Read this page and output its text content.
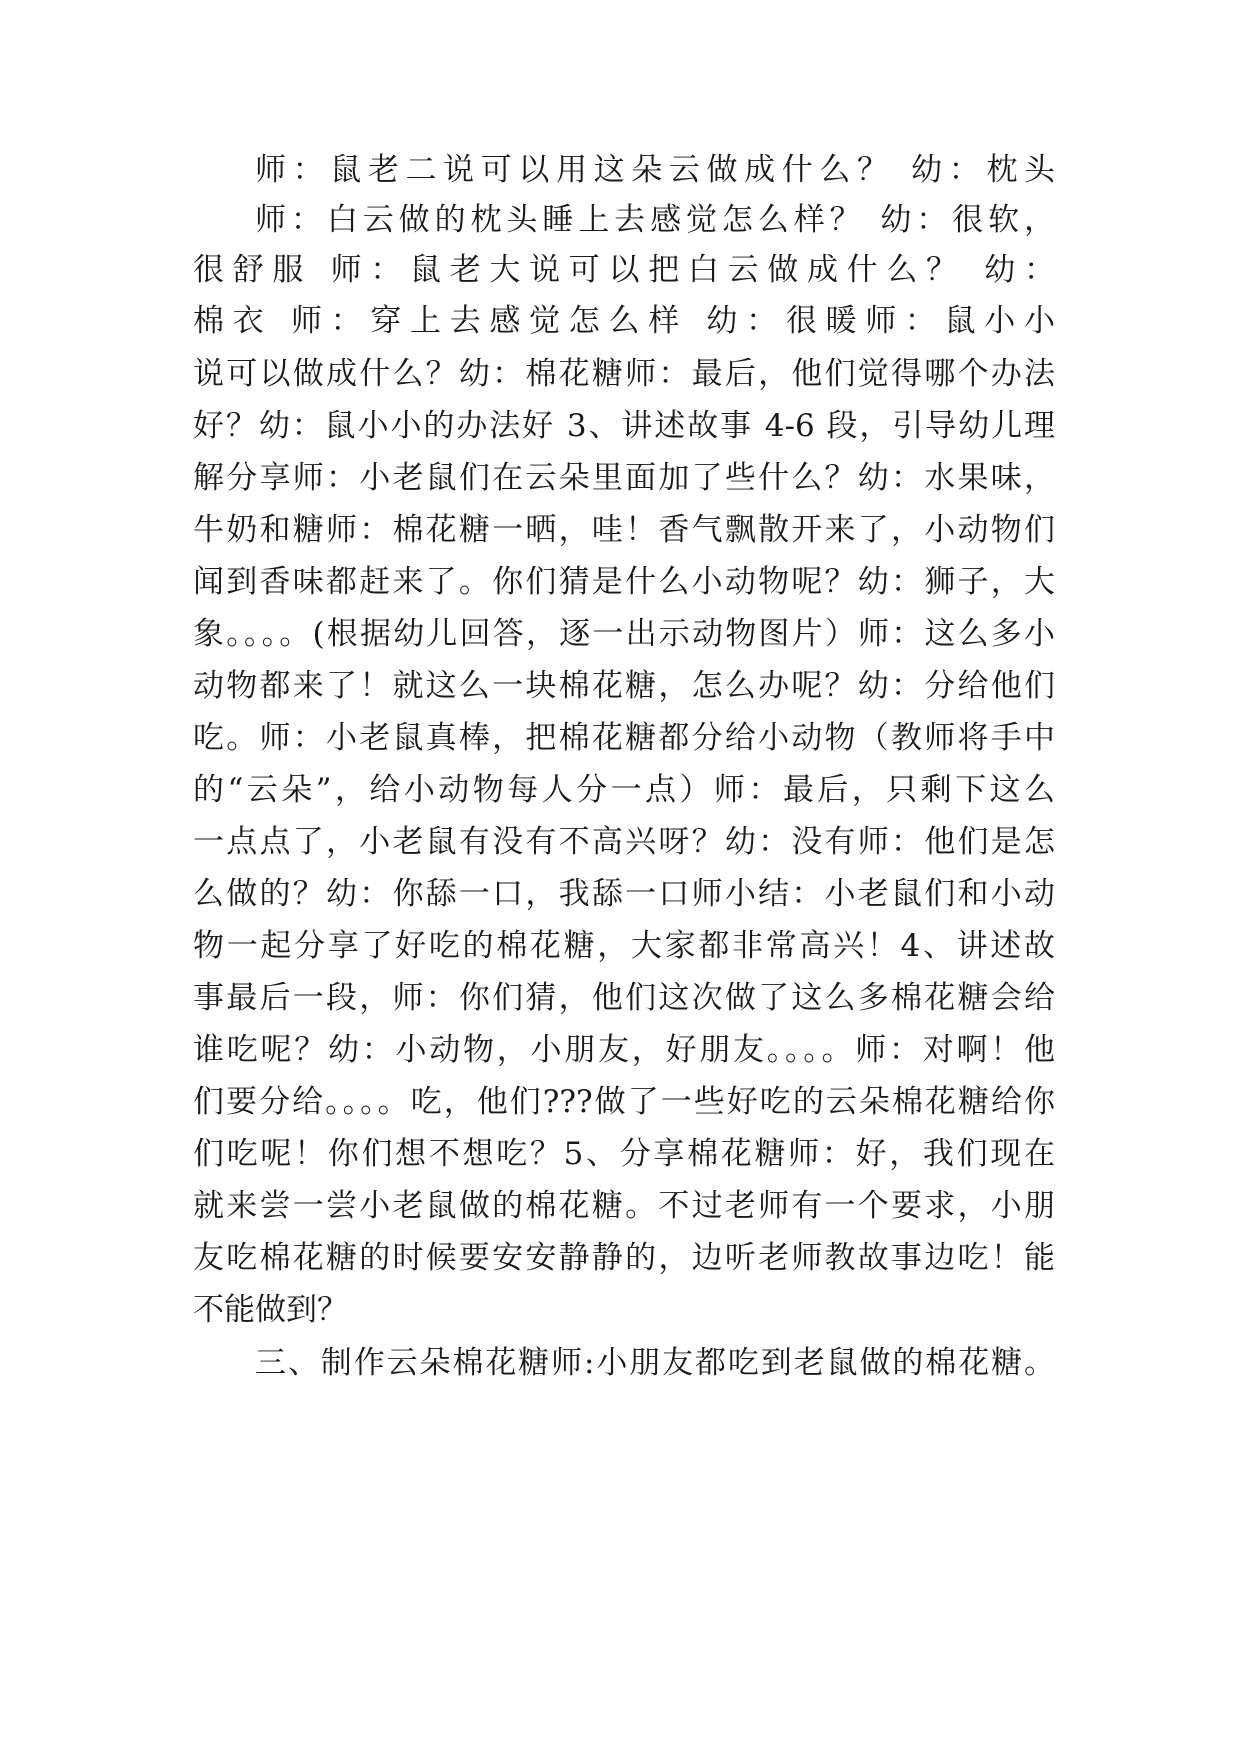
师：鼠老二说可以用这朵云做成什么？ 幼：枕头
师：白云做的枕头睡上去感觉怎么样？ 幼：很软，
很舒服 师：鼠老大说可以把白云做成什么？ 幼：
棉衣 师：穿上去感觉怎么样 幼：很暖师：鼠小小
说可以做成什么？幼：棉花糖师：最后，他们觉得哪个办法
好？幼：鼠小小的办法好 3、讲述故事 4-6 段，引导幼儿理
解分享师：小老鼠们在云朵里面加了些什么？幼：水果味，
牛奶和糖师：棉花糖一晒，哇！香气飘散开来了，小动物们
闻到香味都赶来了。你们猜是什么小动物呢？幼：狮子，大
象。。。。(根据幼儿回答，逐一出示动物图片）师：这么多小
动物都来了！就这么一块棉花糖，怎么办呢？幼：分给他们
吃。师：小老鼠真棒，把棉花糖都分给小动物（教师将手中
的“云朵”，给小动物每人分一点）师：最后，只剩下这么
一点点了，小老鼠有没有不高兴呀？幼：没有师：他们是怎
么做的？幼：你舔一口，我舔一口师小结：小老鼠们和小动
物一起分享了好吃的棉花糖，大家都非常高兴！4、讲述故
事最后一段，师：你们猜，他们这次做了这么多棉花糖会给
谁吃呢？幼：小动物，小朋友，好朋友。。。。师：对啊！他
们要分给。。。。吃，他们???做了一些好吃的云朵棉花糖给你
们吃呢！你们想不想吃？5、分享棉花糖师：好，我们现在
就来尝一尝小老鼠做的棉花糖。不过老师有一个要求，小朋
友吃棉花糖的时候要安安静静的，边听老师教故事边吃！能
不能做到？
三、制作云朵棉花糖师:小朋友都吃到老鼠做的棉花糖。
